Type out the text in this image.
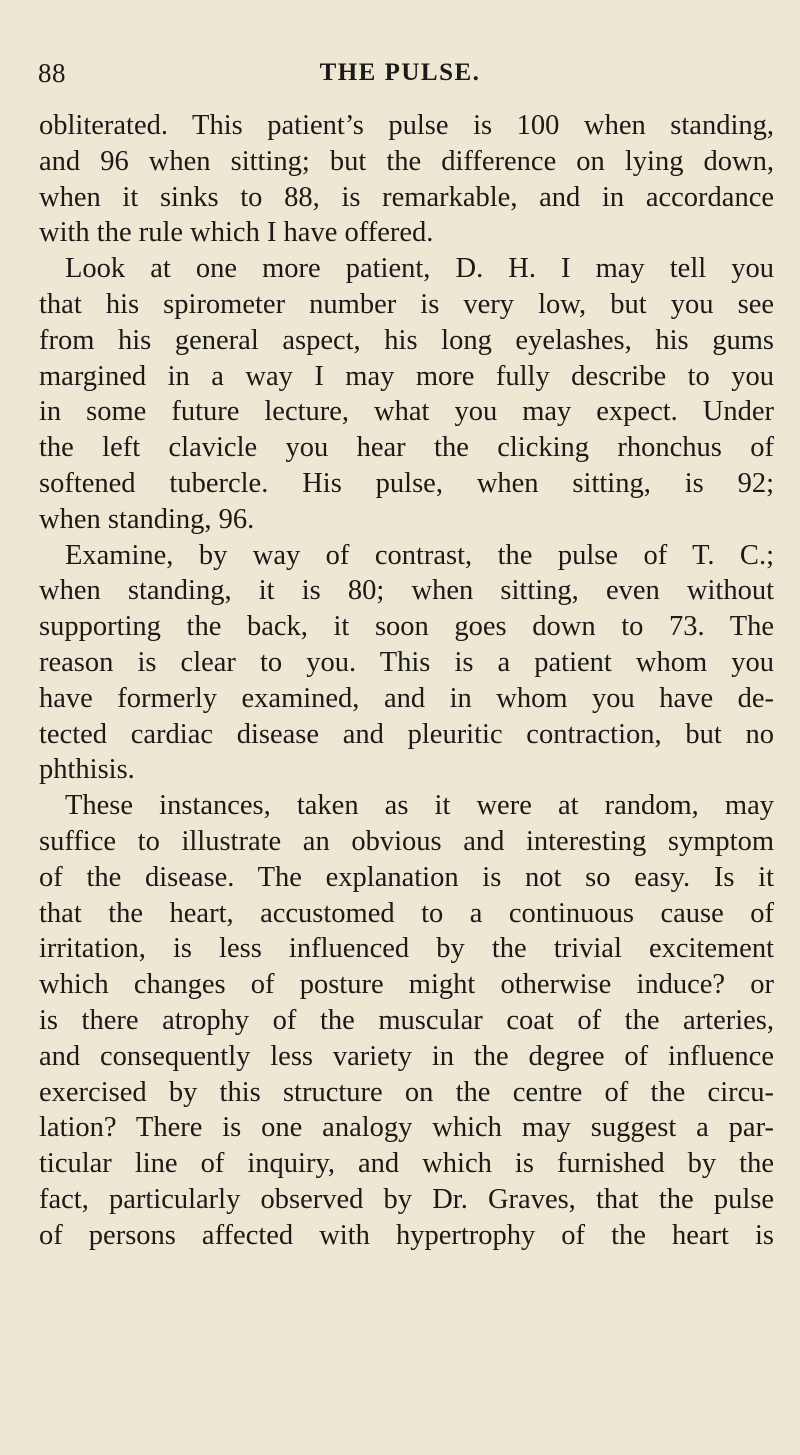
88	THE PULSE.
obliterated. This patient’s pulse is 100 when standing,
and 96 when sitting; but the difference on lying down,
when it sinks to 88, is remarkable, and in accordance
with the rule which I have offered.
Look at one more patient, D. H. I may tell you
that his spirometer number is very low, but you see
from his general aspect, his long eyelashes, his gums
margined in a way I may more fully describe to you
in some future lecture, what you may expect. Under
the left clavicle you hear the clicking rhonchus of
softened tubercle. His pulse, when sitting, is 92;
when standing, 96.
Examine, by way of contrast, the pulse of T. C.;
when standing, it is 80; when sitting, even without
supporting the back, it soon goes down to 73. The
reason is clear to you. This is a patient whom you
have formerly examined, and in whom you have de-
tected cardiac disease and pleuritic contraction, but no
phthisis.
These instances, taken as it were at random, may
suffice to illustrate an obvious and interesting symptom
of the disease. The explanation is not so easy. Is it
that the heart, accustomed to a continuous cause of
irritation, is less influenced by the trivial excitement
which changes of posture might otherwise induce? or
is there atrophy of the muscular coat of the arteries,
and consequently less variety in the degree of influence
exercised by this structure on the centre of the circu-
lation? There is one analogy which may suggest a par-
ticular line of inquiry, and which is furnished by the
fact, particularly observed by Dr. Graves, that the pulse
of persons affected with hypertrophy of the heart is
